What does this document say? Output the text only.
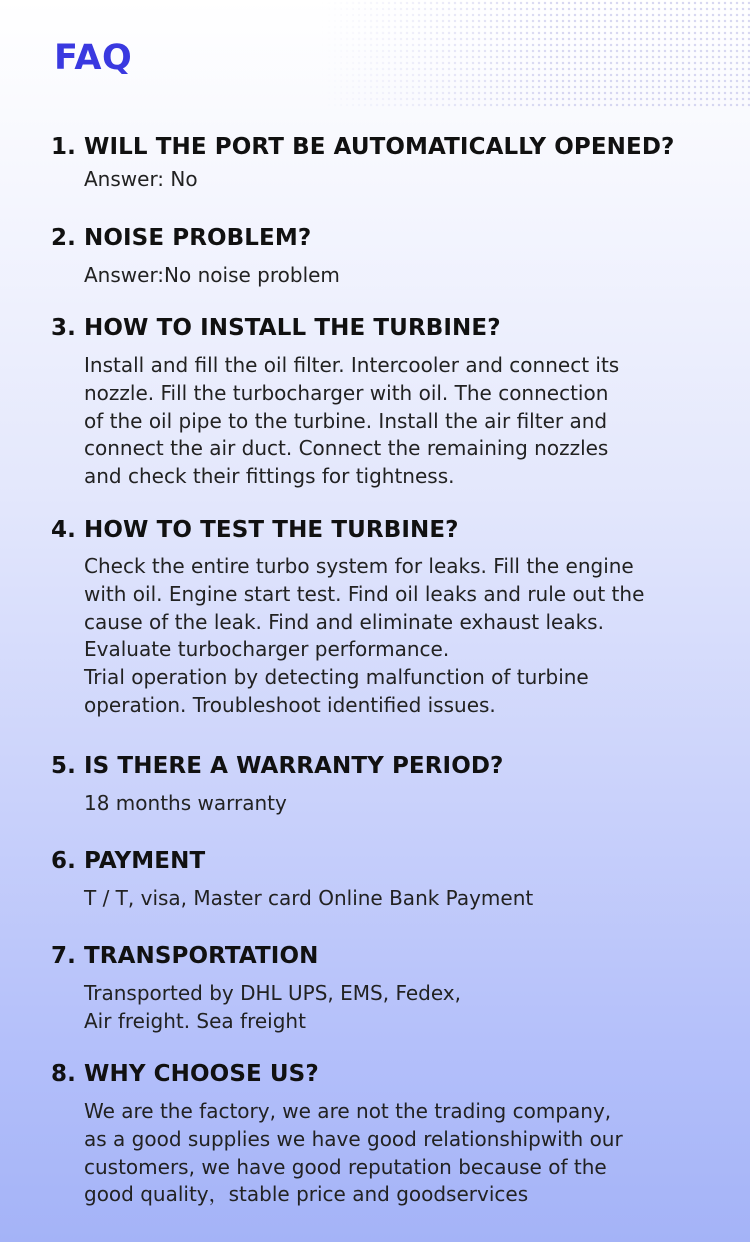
FAQ
1. WILL THE PORT BE AUTOMATICALLY OPENED?
Answer: No
2. NOISE PROBLEM?
Answer:No noise problem
3. HOW TO INSTALL THE TURBINE?
Install and fill the oil filter. Intercooler and connect its
nozzle. Fill the turbocharger with oil. The connection
of the oil pipe to the turbine. Install the air filter and
connect the air duct. Connect the remaining nozzles
and check their fittings for tightness.
4. HOW TO TEST THE TURBINE?
Check the entire turbo system for leaks. Fill the engine
with oil. Engine start test. Find oil leaks and rule out the
cause of the leak. Find and eliminate exhaust leaks.
Evaluate turbocharger performance.
Trial operation by detecting malfunction of turbine
operation. Troubleshoot identified issues.
5. IS THERE A WARRANTY PERIOD?
18 months warranty
6. PAYMENT
T / T, visa, Master card Online Bank Payment
7. TRANSPORTATION
Transported by DHL UPS, EMS, Fedex,
Air freight. Sea freight
8. WHY CHOOSE US?
We are the factory, we are not the trading company,
as a good supplies we have good relationshipwith our
customers, we have good reputation because of the
good quality，stable price and goodservices
